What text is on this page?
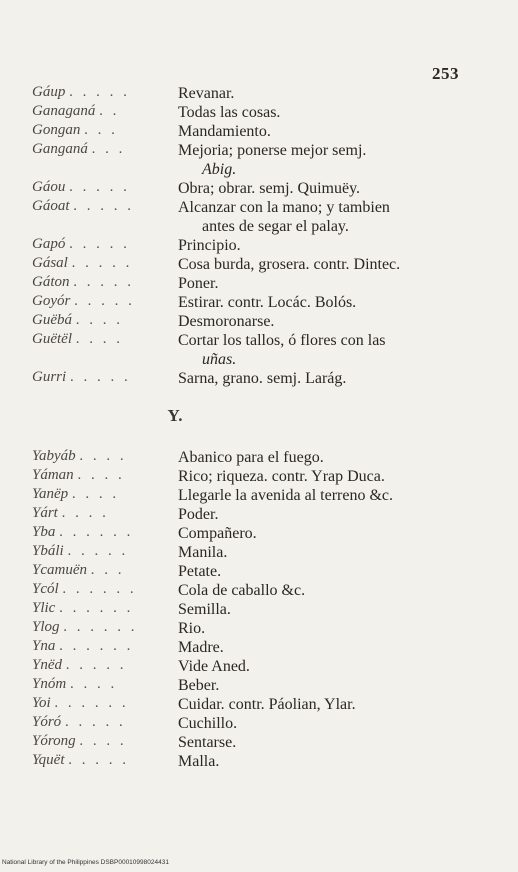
253
Gáup . . . . .	Revanar.
Ganaganá . .	Todas las cosas.
Gongan . . .	Mandamiento.
Ganganá . . .	Mejoria; ponerse mejor semj.

Abig.
Gáou . . . . .	Obra; obrar. semj. Quimuëy.
Gáoat . . . . .	Alcanzar con la mano; y tambien

antes de segar el palay.
Gapó . . . . .	Principio.
Gásal . . . . .	Cosa burda, grosera. contr. Dintec.
Gáton . . . . .	Poner.
Goyór . . . . .	Estirar. contr. Locác. Bolós.
Guëbá . . . .	Desmoronarse.
Guëtël . . . .	Cortar los tallos, ó flores con las

uñas.
Gurri . . . . .	Sarna, grano. semj. Larág.
Y.
Yabyáb . . . .	Abanico para el fuego.
Yáman . . . .	Rico; riqueza. contr. Yrap Duca.
Yanëp . . . .	Llegarle la avenida al terreno &c.
Yárt . . . .	Poder.
Yba . . . . . .	Compañero.
Ybáli . . . . .	Manila.
Ycamuën . . .	Petate.
Ycól . . . . . .	Cola de caballo &c.
Ylic . . . . . .	Semilla.
Ylog . . . . . .	Rio.
Yna . . . . . .	Madre.
Ynëd . . . . .	Vide Aned.
Ynóm . . . .	Beber.
Yoi . . . . . .	Cuidar. contr. Páolian, Ylar.
Yóró . . . . .	Cuchillo.
Yórong . . . .	Sentarse.
Yquët . . . . .	Malla.
National Library of the Philippines DSBP00010998024431
